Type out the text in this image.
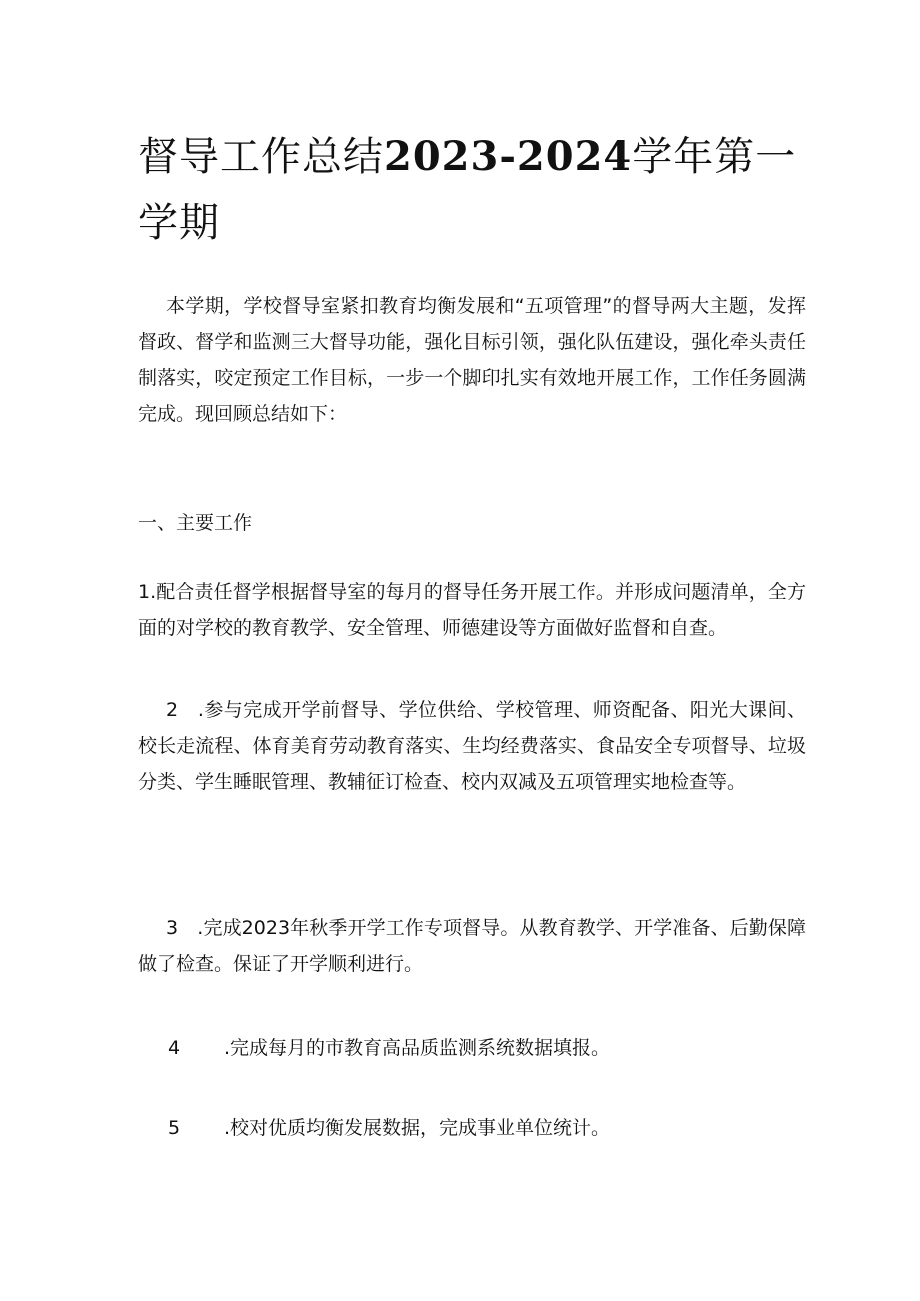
督导工作总结2023-2024学年第一学期

本学期，学校督导室紧扣教育均衡发展和“五项管理”的督导两大主题，发挥督政、督学和监测三大督导功能，强化目标引领，强化队伍建设，强化牵头责任制落实，咬定预定工作目标，一步一个脚印扎实有效地开展工作，工作任务圆满完成。现回顾总结如下：

一、主要工作

1.配合责任督学根据督导室的每月的督导任务开展工作。并形成问题清单，全方面的对学校的教育教学、安全管理、师德建设等方面做好监督和自查。

2　.参与完成开学前督导、学位供给、学校管理、师资配备、阳光大课间、校长走流程、体育美育劳动教育落实、生均经费落实、食品安全专项督导、垃圾分类、学生睡眠管理、教辅征订检查、校内双减及五项管理实地检查等。

3　.完成2023年秋季开学工作专项督导。从教育教学、开学准备、后勤保障做了检查。保证了开学顺利进行。

4 .完成每月的市教育高品质监测系统数据填报。
5 .校对优质均衡发展数据，完成事业单位统计。
